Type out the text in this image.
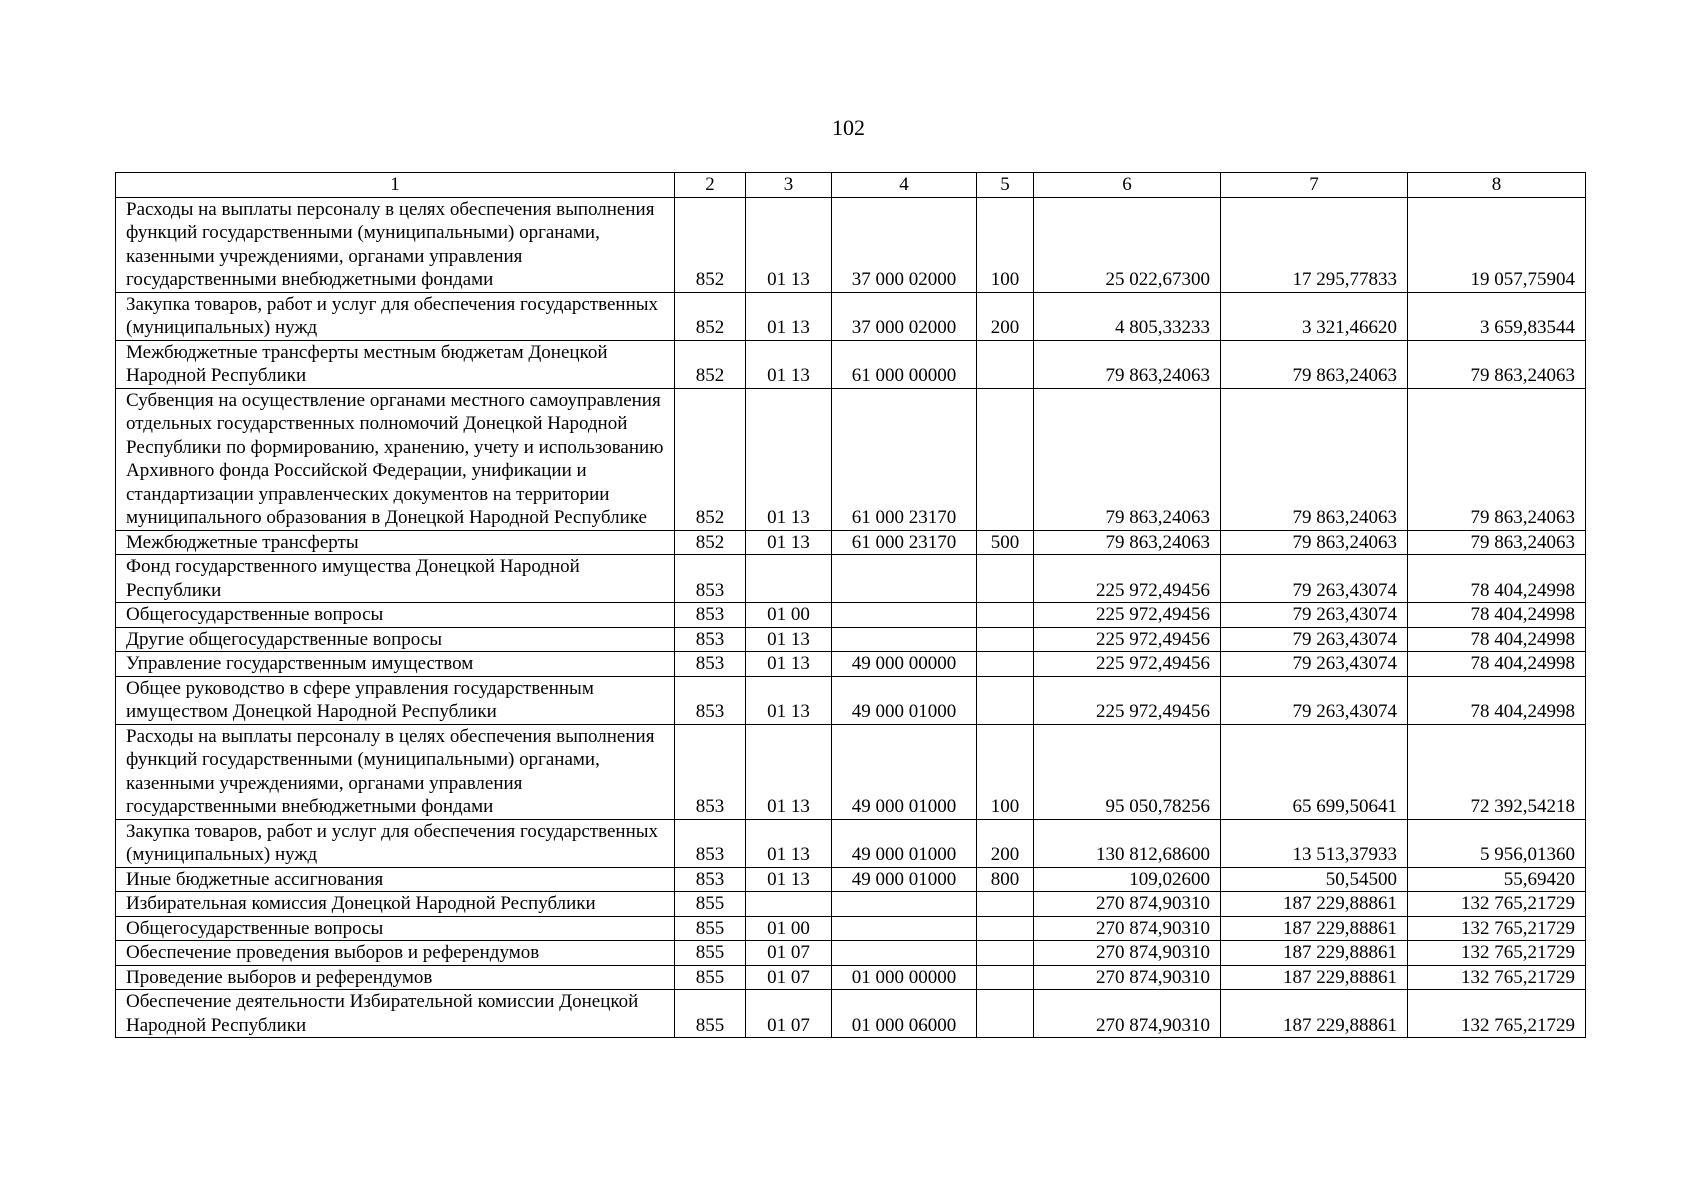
102
1	2	3	4	5	6	7	8
Расходы на выплаты персоналу в целях обеспечения выполнения функций государственными (муниципальными) органами, казенными учреждениями, органами управления государственными внебюджетными фондами	852	01 13	37 000 02000	100	25 022,67300	17 295,77833	19 057,75904
Закупка товаров, работ и услуг для обеспечения государственных (муниципальных) нужд	852	01 13	37 000 02000	200	4 805,33233	3 321,46620	3 659,83544
Межбюджетные трансферты местным бюджетам Донецкой Народной Республики	852	01 13	61 000 00000		79 863,24063	79 863,24063	79 863,24063
Субвенция на осуществление органами местного самоуправления отдельных государственных полномочий Донецкой Народной Республики по формированию, хранению, учету и использованию Архивного фонда Российской Федерации, унификации и стандартизации управленческих документов на территории муниципального образования в Донецкой Народной Республике	852	01 13	61 000 23170		79 863,24063	79 863,24063	79 863,24063
Межбюджетные трансферты	852	01 13	61 000 23170	500	79 863,24063	79 863,24063	79 863,24063
Фонд государственного имущества Донецкой Народной Республики	853				225 972,49456	79 263,43074	78 404,24998
Общегосударственные вопросы	853	01 00			225 972,49456	79 263,43074	78 404,24998
Другие общегосударственные вопросы	853	01 13			225 972,49456	79 263,43074	78 404,24998
Управление государственным имуществом	853	01 13	49 000 00000		225 972,49456	79 263,43074	78 404,24998
Общее руководство в сфере управления государственным имуществом Донецкой Народной Республики	853	01 13	49 000 01000		225 972,49456	79 263,43074	78 404,24998
Расходы на выплаты персоналу в целях обеспечения выполнения функций государственными (муниципальными) органами, казенными учреждениями, органами управления государственными внебюджетными фондами	853	01 13	49 000 01000	100	95 050,78256	65 699,50641	72 392,54218
Закупка товаров, работ и услуг для обеспечения государственных (муниципальных) нужд	853	01 13	49 000 01000	200	130 812,68600	13 513,37933	5 956,01360
Иные бюджетные ассигнования	853	01 13	49 000 01000	800	109,02600	50,54500	55,69420
Избирательная комиссия Донецкой Народной Республики	855				270 874,90310	187 229,88861	132 765,21729
Общегосударственные вопросы	855	01 00			270 874,90310	187 229,88861	132 765,21729
Обеспечение проведения выборов и референдумов	855	01 07			270 874,90310	187 229,88861	132 765,21729
Проведение выборов и референдумов	855	01 07	01 000 00000		270 874,90310	187 229,88861	132 765,21729
Обеспечение деятельности Избирательной комиссии Донецкой Народной Республики	855	01 07	01 000 06000		270 874,90310	187 229,88861	132 765,21729
